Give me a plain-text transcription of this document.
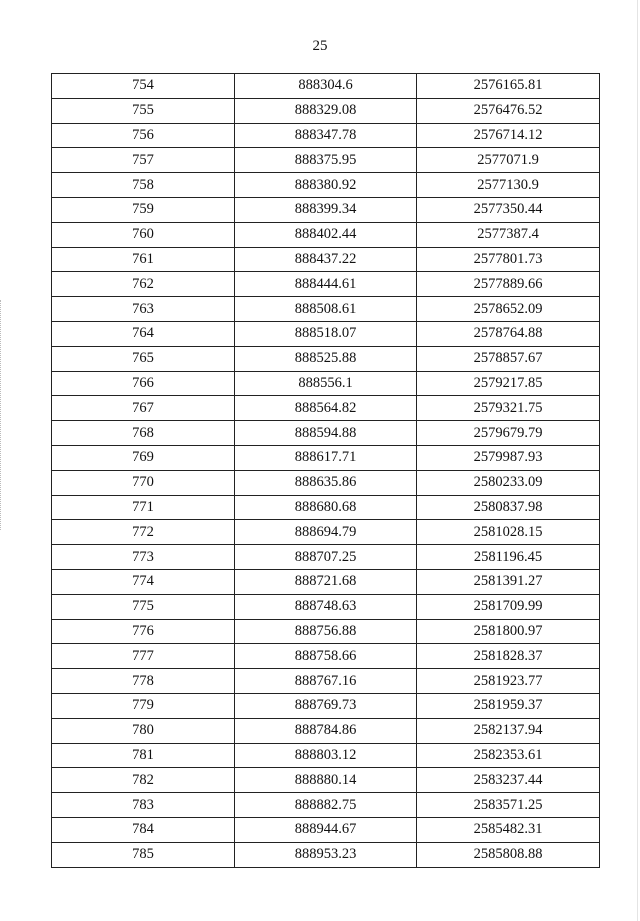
25
754	888304.6	2576165.81
755	888329.08	2576476.52
756	888347.78	2576714.12
757	888375.95	2577071.9
758	888380.92	2577130.9
759	888399.34	2577350.44
760	888402.44	2577387.4
761	888437.22	2577801.73
762	888444.61	2577889.66
763	888508.61	2578652.09
764	888518.07	2578764.88
765	888525.88	2578857.67
766	888556.1	2579217.85
767	888564.82	2579321.75
768	888594.88	2579679.79
769	888617.71	2579987.93
770	888635.86	2580233.09
771	888680.68	2580837.98
772	888694.79	2581028.15
773	888707.25	2581196.45
774	888721.68	2581391.27
775	888748.63	2581709.99
776	888756.88	2581800.97
777	888758.66	2581828.37
778	888767.16	2581923.77
779	888769.73	2581959.37
780	888784.86	2582137.94
781	888803.12	2582353.61
782	888880.14	2583237.44
783	888882.75	2583571.25
784	888944.67	2585482.31
785	888953.23	2585808.88
